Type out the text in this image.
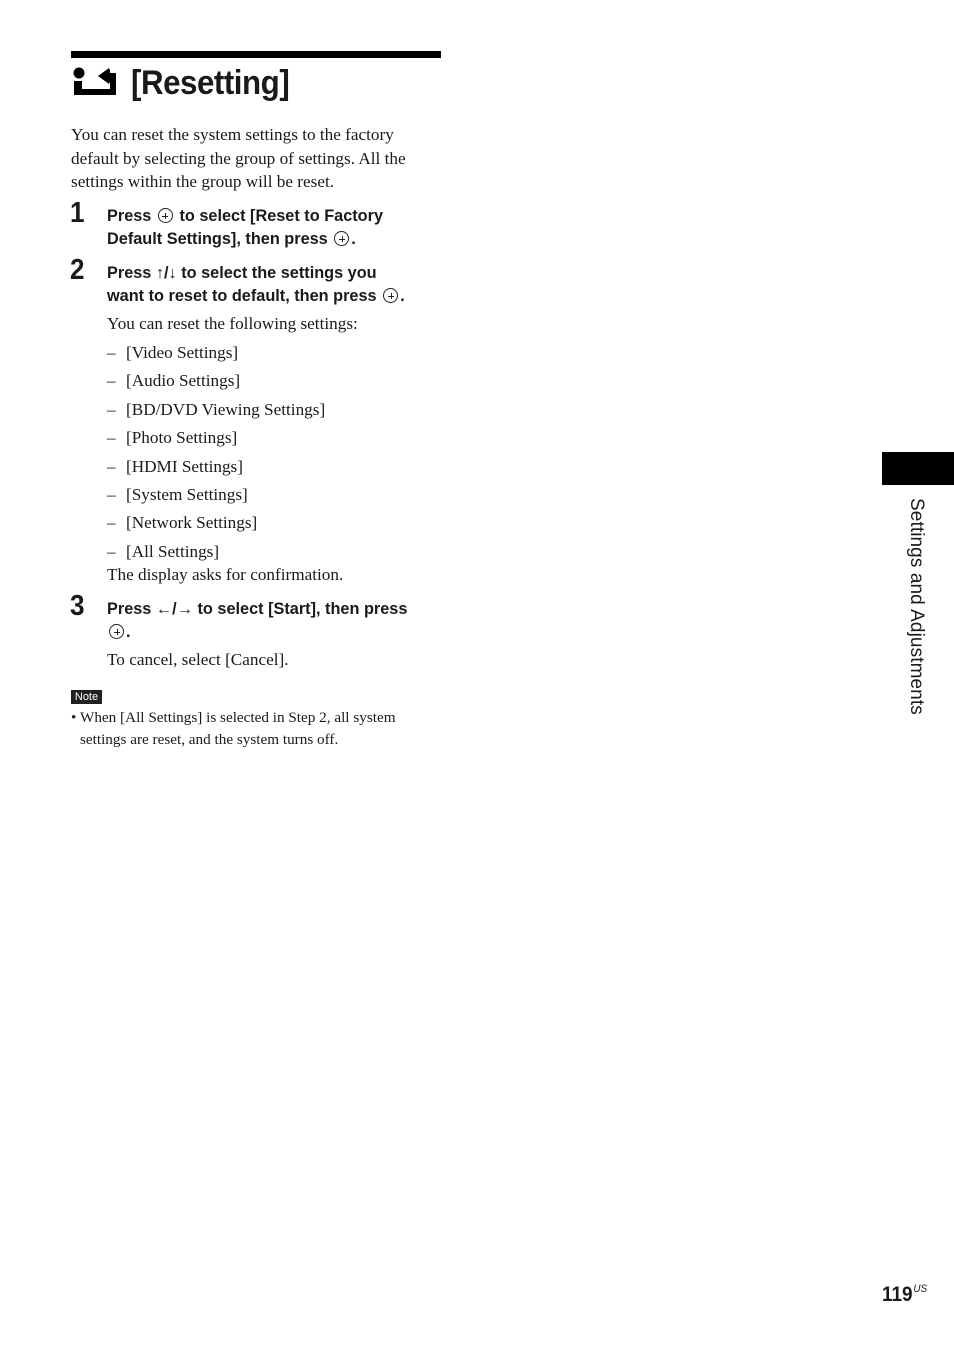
[Resetting]
You can reset the system settings to the factory default by selecting the group of settings. All the settings within the group will be reset.
1 Press to select [Reset to Factory
Default Settings], then press .
2 Press ↑/↓ to select the settings you
want to reset to default, then press .
You can reset the following settings:
– [Video Settings]
– [Audio Settings]
– [BD/DVD Viewing Settings]
– [Photo Settings]
– [HDMI Settings]
– [System Settings]
– [Network Settings]
– [All Settings]
The display asks for confirmation.
3 Press ←/→ to select [Start], then press
.
To cancel, select [Cancel].
Note
• When [All Settings] is selected in Step 2, all system
settings are reset, and the system turns off.
Settings and Adjustments
$119^{US}$
